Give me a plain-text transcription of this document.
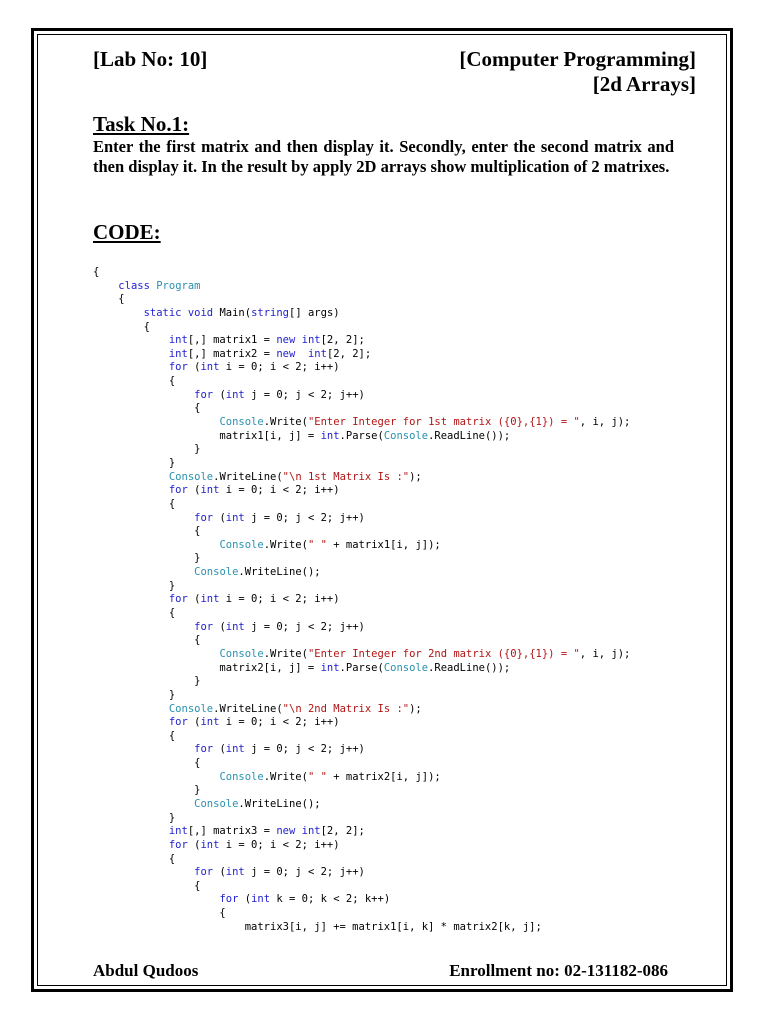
[Lab No: 10]	[Computer Programming]
[2d Arrays]
Task No.1:
Enter the first matrix and then display it. Secondly, enter the second matrix and then display it. In the result by apply 2D arrays show multiplication of 2 matrixes.
CODE:
{
class Program
{
static void Main(string[] args)
{
int[,] matrix1 = new int[2, 2];
int[,] matrix2 = new int[2, 2];
for (int i = 0; i < 2; i++)
{
for (int j = 0; j < 2; j++)
{
Console.Write("Enter Integer for 1st matrix ({0},{1}) = ", i, j);
matrix1[i, j] = int.Parse(Console.ReadLine());
}
}
Console.WriteLine("\n 1st Matrix Is :");
for (int i = 0; i < 2; i++)
{
for (int j = 0; j < 2; j++)
{
Console.Write(" " + matrix1[i, j]);
}
Console.WriteLine();
}
for (int i = 0; i < 2; i++)
{
for (int j = 0; j < 2; j++)
{
Console.Write("Enter Integer for 2nd matrix ({0},{1}) = ", i, j);
matrix2[i, j] = int.Parse(Console.ReadLine());
}
}
Console.WriteLine("\n 2nd Matrix Is :");
for (int i = 0; i < 2; i++)
{
for (int j = 0; j < 2; j++)
{
Console.Write(" " + matrix2[i, j]);
}
Console.WriteLine();
}
int[,] matrix3 = new int[2, 2];
for (int i = 0; i < 2; i++)
{
for (int j = 0; j < 2; j++)
{
for (int k = 0; k < 2; k++)
{
matrix3[i, j] += matrix1[i, k] * matrix2[k, j];
Abdul Qudoos	Enrollment no: 02-131182-086
